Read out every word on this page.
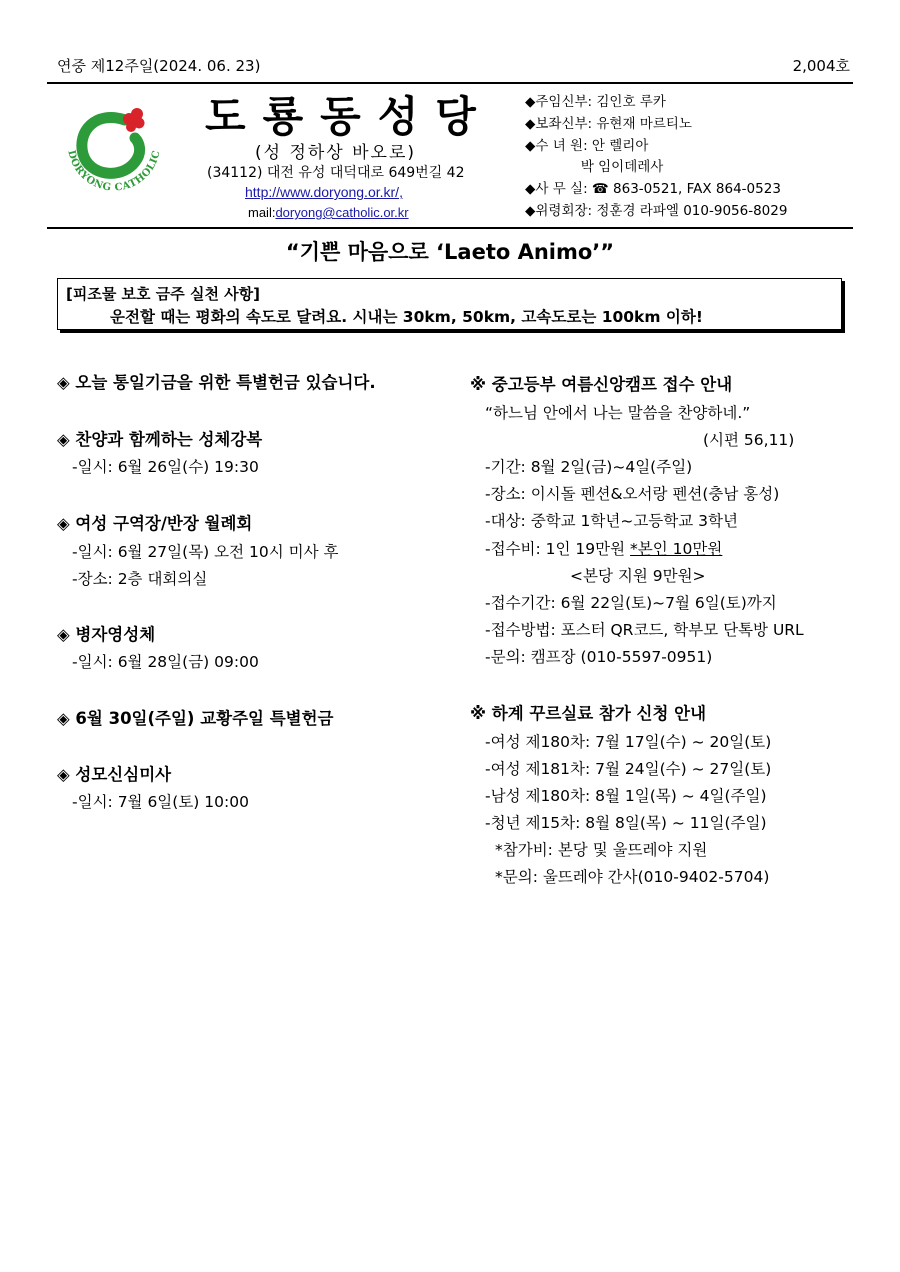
연중 제12주일(2024. 06. 23)	2,004호
DORYONG CATHOLIC
도룡동성당
(성 정하상 바오로)
(34112) 대전 유성 대덕대로 649번길 42
http://www.doryong.or.kr/,
mail:doryong@catholic.or.kr
◆주임신부: 김인호 루카
◆보좌신부: 유현재 마르티노
◆수 녀 원: 안 렐리아
박 임이데레사
◆사 무 실: ☎ 863-0521, FAX 864-0523
◆위령회장: 정훈경 라파엘 010-9056-8029
“기쁜 마음으로 ‘Laeto Animo’”
[피조물 보호 금주 실천 사항]
운전할 때는 평화의 속도로 달려요. 시내는 30km, 50km, 고속도로는 100km 이하!
◈ 오늘 통일기금을 위한 특별헌금 있습니다.
◈ 찬양과 함께하는 성체강복
-일시: 6월 26일(수) 19:30
◈ 여성 구역장/반장 월례회
-일시: 6월 27일(목) 오전 10시 미사 후
-장소: 2층 대회의실
◈ 병자영성체
-일시: 6월 28일(금) 09:00
◈ 6월 30일(주일) 교황주일 특별헌금
◈ 성모신심미사
-일시: 7월 6일(토) 10:00
※ 중고등부 여름신앙캠프 접수 안내
“하느님 안에서 나는 말씀을 찬양하네.”
(시편 56,11)
-기간: 8월 2일(금)~4일(주일)
-장소: 이시돌 펜션&오서랑 펜션(충남 홍성)
-대상: 중학교 1학년~고등학교 3학년
-접수비: 1인 19만원 *본인 10만원
<본당 지원 9만원>
-접수기간: 6월 22일(토)~7월 6일(토)까지
-접수방법: 포스터 QR코드, 학부모 단톡방 URL
-문의: 캠프장 (010-5597-0951)
※ 하계 꾸르실료 참가 신청 안내
-여성 제180차: 7월 17일(수) ~ 20일(토)
-여성 제181차: 7월 24일(수) ~ 27일(토)
-남성 제180차: 8월 1일(목) ~ 4일(주일)
-청년 제15차: 8월 8일(목) ~ 11일(주일)
*참가비: 본당 및 울뜨레야 지원
*문의: 울뜨레야 간사(010-9402-5704)
